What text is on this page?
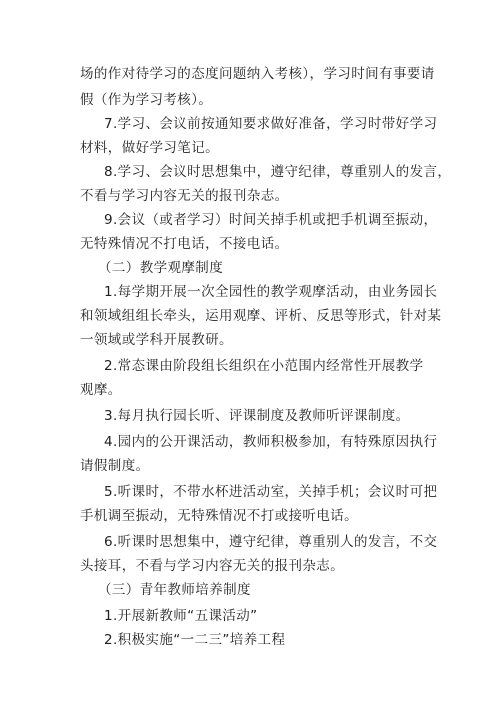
场的作对待学习的态度问题纳入考核），学习时间有事要请
假（作为学习考核）。
7.学习、会议前按通知要求做好准备，学习时带好学习
材料，做好学习笔记。
8.学习、会议时思想集中，遵守纪律，尊重别人的发言，
不看与学习内容无关的报刊杂志。
9.会议（或者学习）时间关掉手机或把手机调至振动，
无特殊情况不打电话，不接电话。
（二）教学观摩制度
1.每学期开展一次全园性的教学观摩活动，由业务园长
和领域组组长牵头，运用观摩、评析、反思等形式，针对某
一领域或学科开展教研。
2.常态课由阶段组长组织在小范围内经常性开展教学
观摩。
3.每月执行园长听、评课制度及教师听评课制度。
4.园内的公开课活动，教师积极参加，有特殊原因执行
请假制度。
5.听课时，不带水杯进活动室，关掉手机；会议时可把
手机调至振动，无特殊情况不打或接听电话。
6.听课时思想集中，遵守纪律，尊重别人的发言，不交
头接耳，不看与学习内容无关的报刊杂志。
（三）青年教师培养制度
1.开展新教师“五课活动”
2.积极实施“一二三”培养工程
